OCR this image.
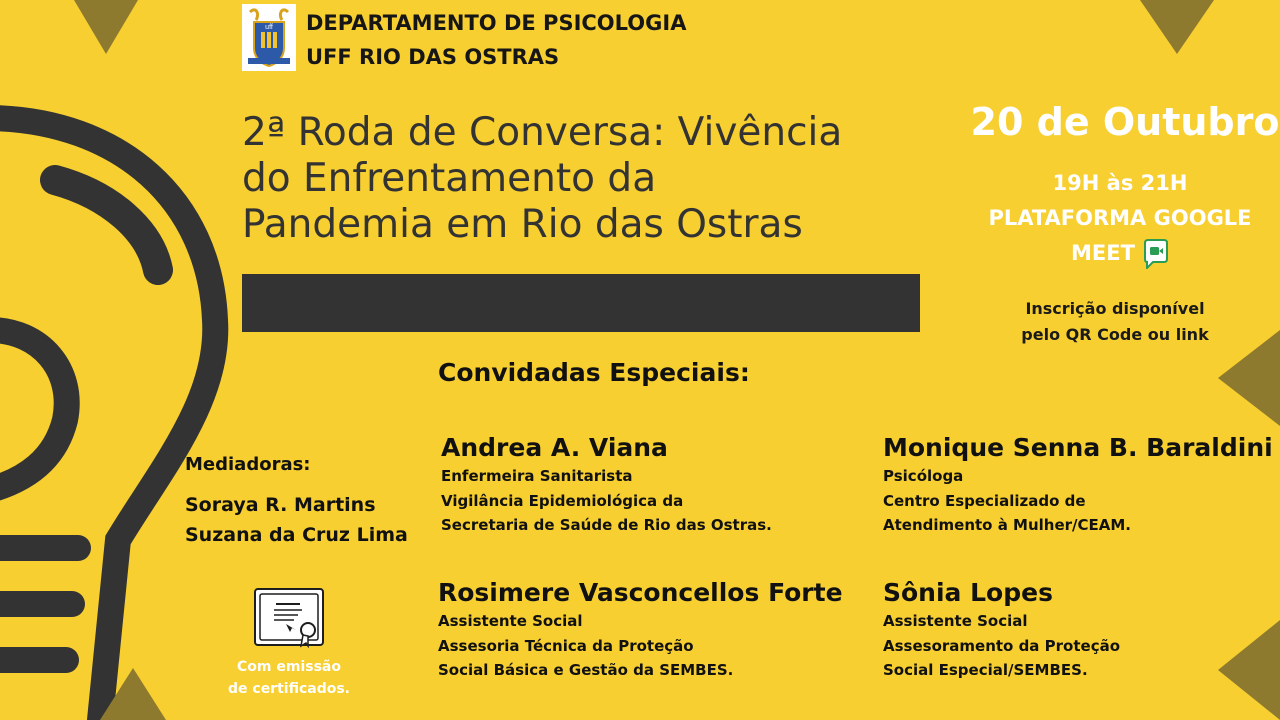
uff DEPARTAMENTO DE PSICOLOGIA
UFF RIO DAS OSTRAS
2ª Roda de Conversa: Vivência
do Enfrentamento da
Pandemia em Rio das Ostras
20 de Outubro
19H às 21H
PLATAFORMA GOOGLE
MEET
Inscrição disponível
pelo QR Code ou link
Convidadas Especiais:
Mediadoras:
Soraya R. Martins
Suzana da Cruz Lima
Andrea A. Viana
Enfermeira Sanitarista
Vigilância Epidemiológica da
Secretaria de Saúde de Rio das Ostras.
Monique Senna B. Baraldini
Psicóloga
Centro Especializado de
Atendimento à Mulher/CEAM.
Rosimere Vasconcellos Forte
Assistente Social
Assesoria Técnica da Proteção
Social Básica e Gestão da SEMBES.
Sônia Lopes
Assistente Social
Assesoramento da Proteção
Social Especial/SEMBES.
Com emissão
de certificados.
